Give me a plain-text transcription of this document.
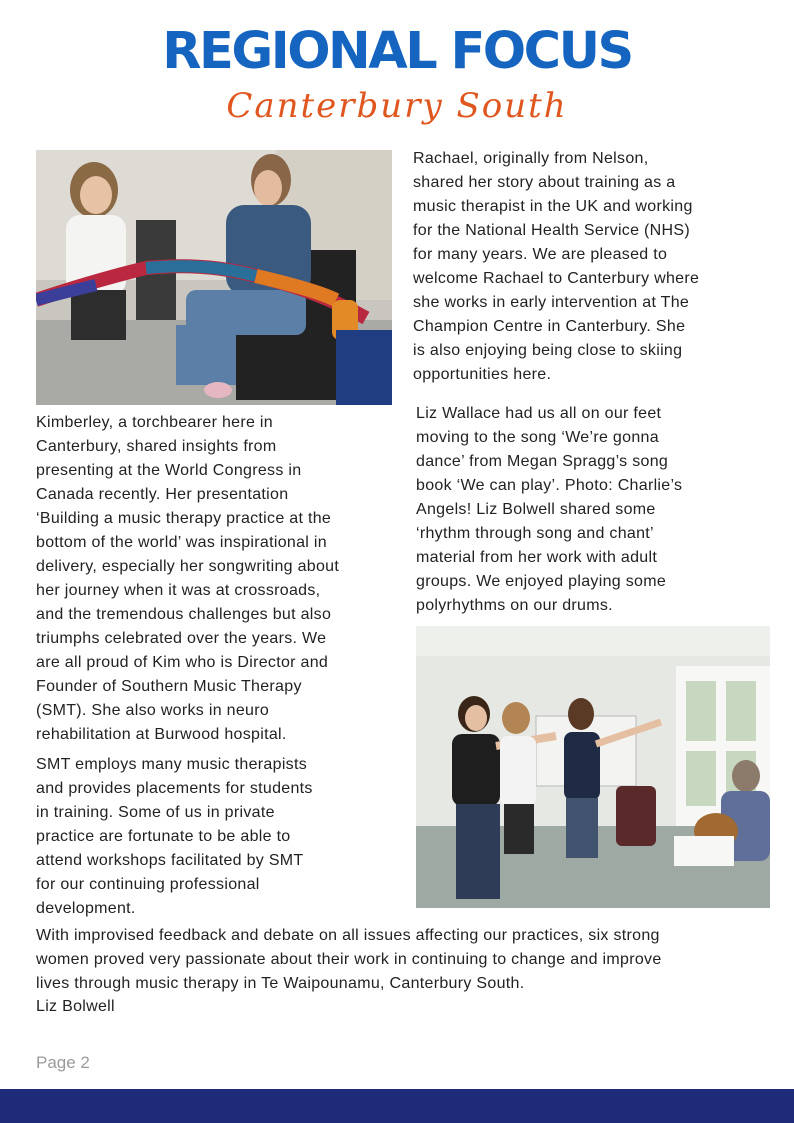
REGIONAL FOCUS
Canterbury South
Rachael, originally from Nelson,
shared her story about training as a
music therapist in the UK and working
for the National Health Service (NHS)
for many years. We are pleased to
welcome Rachael to Canterbury where
she works in early intervention at The
Champion Centre in Canterbury. She
is also enjoying being close to skiing
opportunities here.
Kimberley, a torchbearer here in
Canterbury, shared insights from
presenting at the World Congress in
Canada recently. Her presentation
‘Building a music therapy practice at the
bottom of the world’ was inspirational in
delivery, especially her songwriting about
her journey when it was at crossroads,
and the tremendous challenges but also
triumphs celebrated over the years. We
are all proud of Kim who is Director and
Founder of Southern Music Therapy
(SMT). She also works in neuro
rehabilitation at Burwood hospital.
Liz Wallace had us all on our feet
moving to the song ‘We’re gonna
dance’ from Megan Spragg’s song
book ‘We can play’. Photo: Charlie’s
Angels! Liz Bolwell shared some
‘rhythm through song and chant’
material from her work with adult
groups. We enjoyed playing some
polyrhythms on our drums.
SMT employs many music therapists
and provides placements for students
in training. Some of us in private
practice are fortunate to be able to
attend workshops facilitated by SMT
for our continuing professional
development.
With improvised feedback and debate on all issues affecting our practices, six strong
women proved very passionate about their work in continuing to change and improve
lives through music therapy in Te Waipounamu, Canterbury South.
Liz Bolwell
Page 2
